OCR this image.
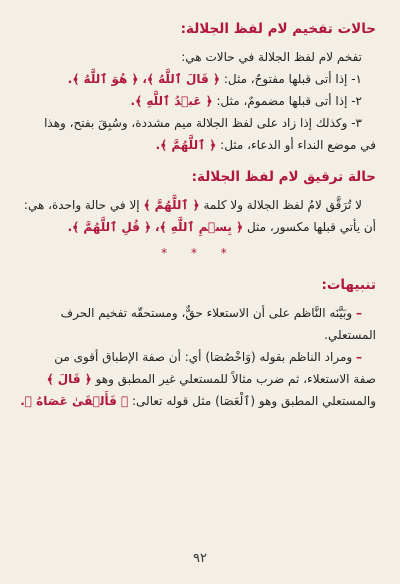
حالات تفخيم لام لفظ الجلالة:

تفخم لام لفظ الجلالة في حالات هي:

١- إذا أتى قبلها مفتوحٌ، مثل: ﴿ قَالَ ٱللَّهُ ﴾، ﴿ هُوَ ٱللَّهُ ﴾.

٢- إذا أتى قبلها مضمومٌ، مثل: ﴿ عَبۡدُ ٱللَّهِ ﴾.

٣- وكذلك إذا زاد على لفظ الجلالة ميم مشددة، وسُبِقَ بفتح، وهذا

في موضع النداء أو الدعاء، مثل: ﴿ ٱللَّهُمَّ ﴾.

حالة ترقيق لام لفظ الجلالة:

لا تُرَقَّق لامُ لفظ الجلالة ولا كلمة ﴿ ٱللَّهُمَّ ﴾ إلا في حالة واحدة، هي:

أن يأتي قبلها مكسور، مثل ﴿ بِسۡمِ ٱللَّهِ ﴾، ﴿ قُلِ ٱللَّهُمَّ ﴾.

* * *
تنبيهات:

– وبَيَّنَه النَّاظم على أن الاستعلاء حقٌّ، ومستحقّه تفخيم الحرف

المستعلي.

– ومراد الناظم بقوله (وَاخْصُصَا) أي: أن صفة الإطباق أقوى من

صفة الاستعلاء، ثم ضرب مثالاً للمستعلي غير المطبق وهو ﴿ قَالَ ﴾

والمستعلي المطبق وهو (ٱلْعَصَا) مثل قوله تعالى: ﴿ فَأَلۡقَىٰ عَصَاهُ ﴾.

٩٢
